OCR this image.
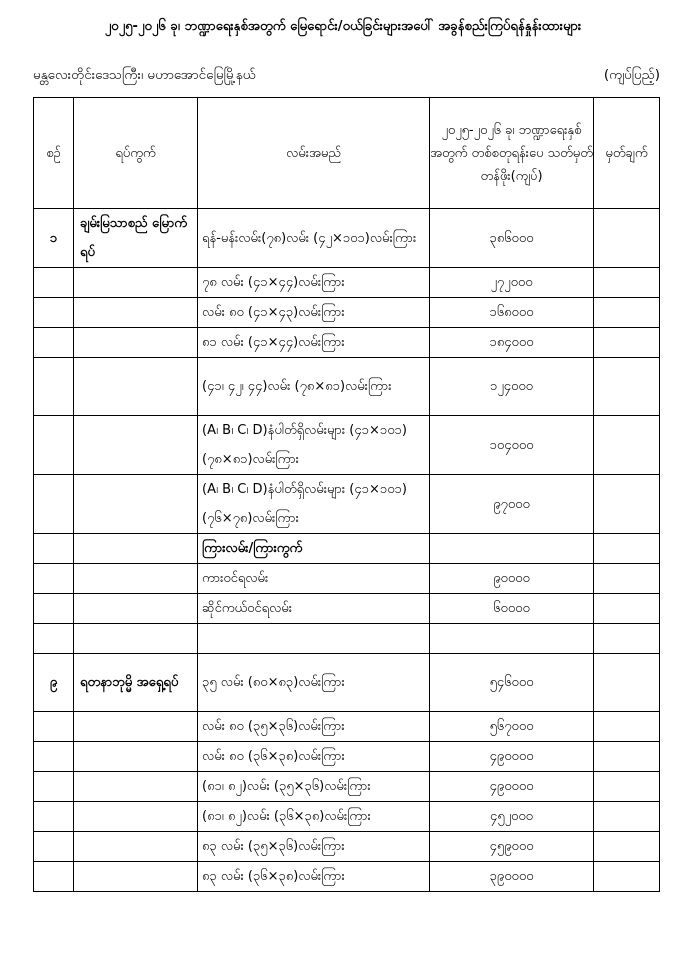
၂၀၂၅-၂၀၂၆ ခု၊ ဘဏ္ဍာရေးနှစ်အတွက် မြေရောင်း/ဝယ်ခြင်းများအပေါ် အခွန်စည်းကြပ်ရန်နှုန်းထားများ
မန္တလေးတိုင်းဒေသကြီး၊ မဟာအောင်မြေမြို့နယ်	(ကျပ်ပြည့်)
စဉ်	ရပ်ကွက်	လမ်းအမည်	၂၀၂၅-၂၀၂၆ ခု၊ ဘဏ္ဍာရေးနှစ်အတွက် တစ်စတုရန်းပေ သတ်မှတ်တန်ဖိုး(ကျပ်)	မှတ်ချက်
၁	ချမ်းမြသာစည် မြောက်ရပ်	ရန်-မန်းလမ်း(၇၈)လမ်း (၄၂×၁၀၁)လမ်းကြား	၃၈၆၀၀၀	
		၇၈ လမ်း (၄၁×၄၄)လမ်းကြား	၂၇၂၀၀၀	
		လမ်း ၈၀ (၄၁×၄၃)လမ်းကြား	၁၆၈၀၀၀	
		၈၁ လမ်း (၄၁×၄၄)လမ်းကြား	၁၈၄၀၀၀	
		(၄၁၊ ၄၂၊ ၄၄)လမ်း (၇၈×၈၁)လမ်းကြား	၁၂၄၀၀၀	
		(A၊ B၊ C၊ D)နံပါတ်ရှိလမ်းများ (၄၁×၁၀၁) (၇၈×၈၁)လမ်းကြား	၁၀၄၀၀၀	
		(A၊ B၊ C၊ D)နံပါတ်ရှိလမ်းများ (၄၁×၁၀၁) (၇၆×၇၈)လမ်းကြား	၉၇၀၀၀	
		ကြားလမ်း/ကြားကွက်		
		ကားဝင်ရလမ်း	၉၀၀၀၀	
		ဆိုင်ကယ်ဝင်ရလမ်း	၆၀၀၀၀	

၉	ရတနာဘုမ္မိ အရှေ့ရပ်	၃၅ လမ်း (၈၀×၈၃)လမ်းကြား	၅၄၆၀၀၀	
		လမ်း ၈၀ (၃၅×၃၆)လမ်းကြား	၅၆၇၀၀၀	
		လမ်း ၈၀ (၃၆×၃၈)လမ်းကြား	၄၉၀၀၀၀	
		(၈၁၊ ၈၂)လမ်း (၃၅×၃၆)လမ်းကြား	၄၉၀၀၀၀	
		(၈၁၊ ၈၂)လမ်း (၃၆×၃၈)လမ်းကြား	၄၅၂၀၀၀	
		၈၃ လမ်း (၃၅×၃၆)လမ်းကြား	၄၅၉၀၀၀	
		၈၃ လမ်း (၃၆×၃၈)လမ်းကြား	၃၉၀၀၀၀	
